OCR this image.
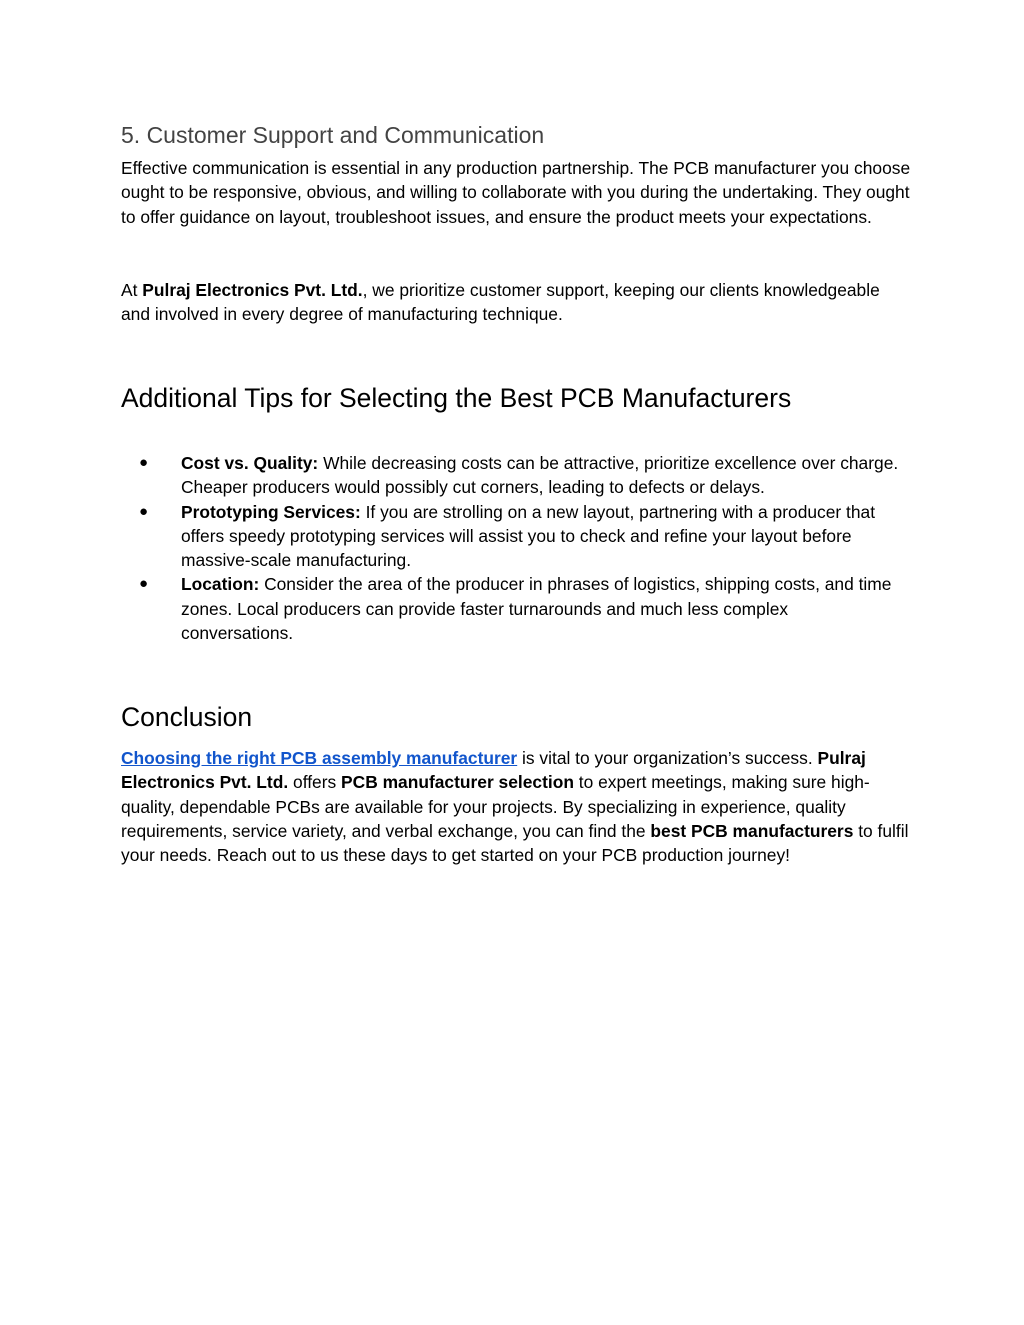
5. Customer Support and Communication

Effective communication is essential in any production partnership. The PCB manufacturer you choose ought to be responsive, obvious, and willing to collaborate with you during the undertaking. They ought to offer guidance on layout, troubleshoot issues, and ensure the product meets your expectations.

At Pulraj Electronics Pvt. Ltd., we prioritize customer support, keeping our clients knowledgeable and involved in every degree of manufacturing technique.

Additional Tips for Selecting the Best PCB Manufacturers
● Cost vs. Quality: While decreasing costs can be attractive, prioritize excellence over charge. Cheaper producers would possibly cut corners, leading to defects or delays.
● Prototyping Services: If you are strolling on a new layout, partnering with a producer that offers speedy prototyping services will assist you to check and refine your layout before massive-scale manufacturing.
● Location: Consider the area of the producer in phrases of logistics, shipping costs, and time zones. Local producers can provide faster turnarounds and much less complex conversations.
Conclusion

Choosing the right PCB assembly manufacturer is vital to your organization’s success. Pulraj Electronics Pvt. Ltd. offers PCB manufacturer selection to expert meetings, making sure high-quality, dependable PCBs are available for your projects. By specializing in experience, quality requirements, service variety, and verbal exchange, you can find the best PCB manufacturers to fulfil your needs. Reach out to us these days to get started on your PCB production journey!
